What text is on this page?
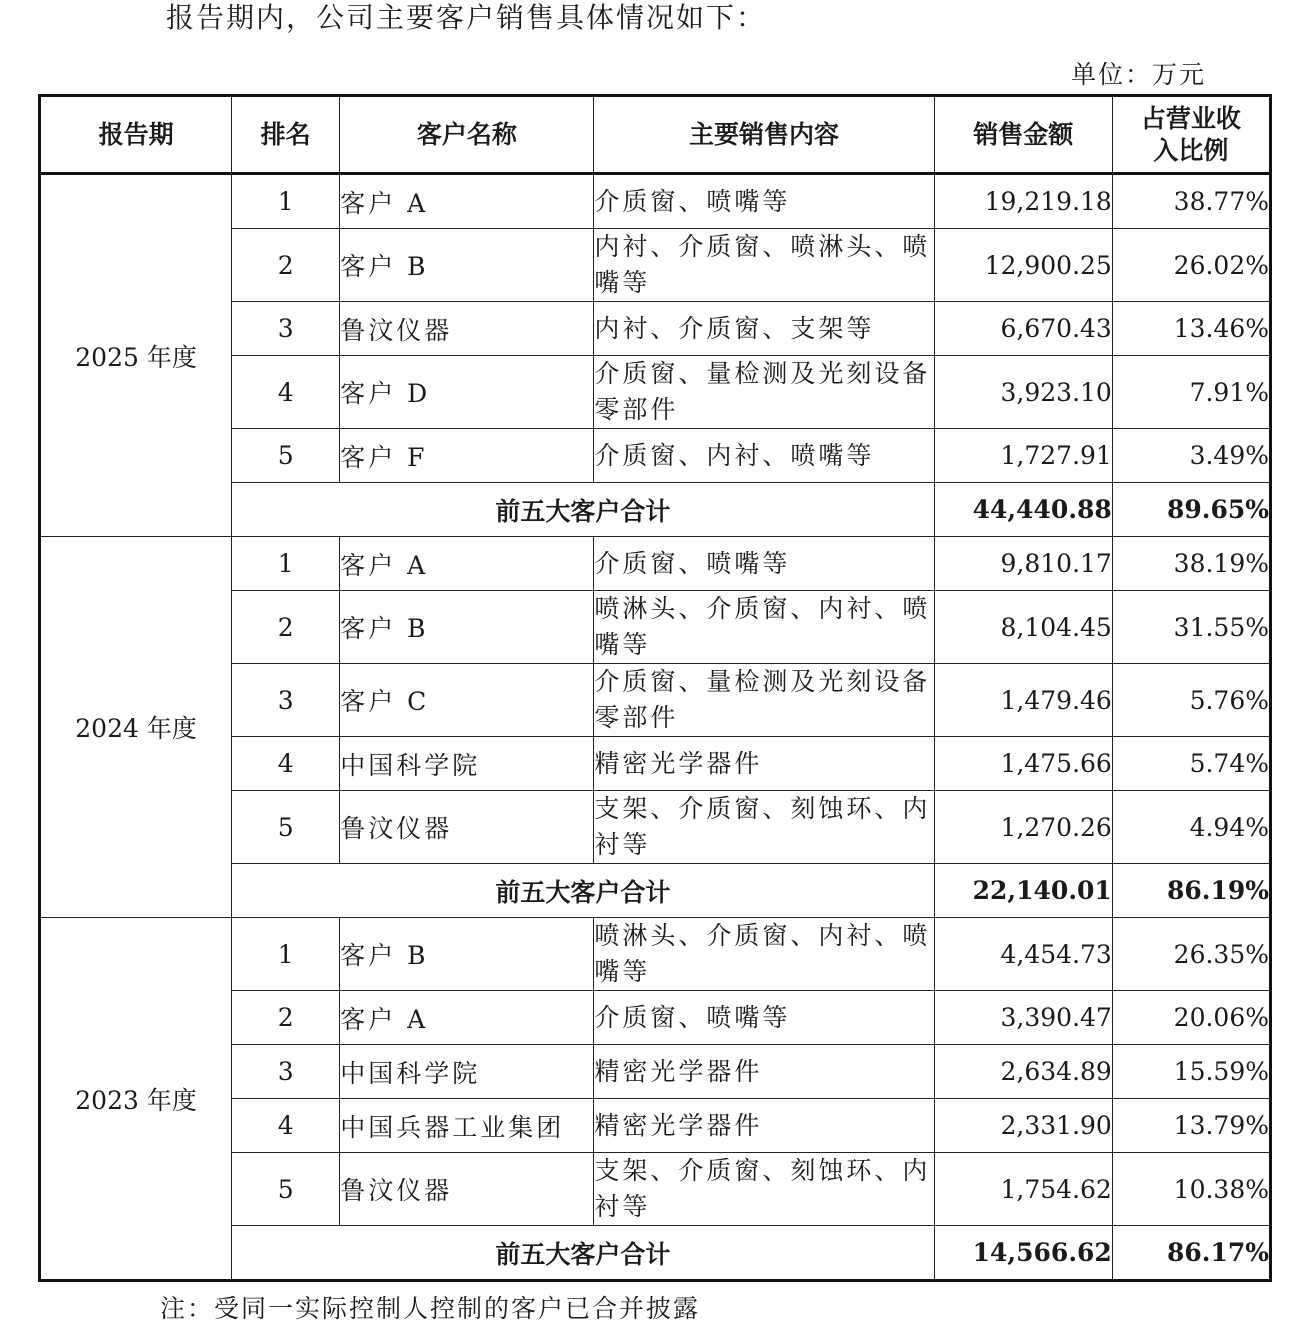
报告期内，公司主要客户销售具体情况如下：
单位：万元
报告期	排名	客户名称	主要销售内容	销售金额	占营业收
入比例
2025 年度	1	客户 A	介质窗、喷嘴等	19,219.18	38.77%
	2	客户 B	内衬、介质窗、喷淋头、喷嘴等	12,900.25	26.02%
	3	鲁汶仪器	内衬、介质窗、支架等	6,670.43	13.46%
	4	客户 D	介质窗、量检测及光刻设备零部件	3,923.10	7.91%
	5	客户 F	介质窗、内衬、喷嘴等	1,727.91	3.49%
	前五大客户合计			44,440.88	89.65%
2024 年度	1	客户 A	介质窗、喷嘴等	9,810.17	38.19%
	2	客户 B	喷淋头、介质窗、内衬、喷嘴等	8,104.45	31.55%
	3	客户 C	介质窗、量检测及光刻设备零部件	1,479.46	5.76%
	4	中国科学院	精密光学器件	1,475.66	5.74%
	5	鲁汶仪器	支架、介质窗、刻蚀环、内衬等	1,270.26	4.94%
	前五大客户合计			22,140.01	86.19%
2023 年度	1	客户 B	喷淋头、介质窗、内衬、喷嘴等	4,454.73	26.35%
	2	客户 A	介质窗、喷嘴等	3,390.47	20.06%
	3	中国科学院	精密光学器件	2,634.89	15.59%
	4	中国兵器工业集团	精密光学器件	2,331.90	13.79%
	5	鲁汶仪器	支架、介质窗、刻蚀环、内衬等	1,754.62	10.38%
	前五大客户合计			14,566.62	86.17%
注：受同一实际控制人控制的客户已合并披露
